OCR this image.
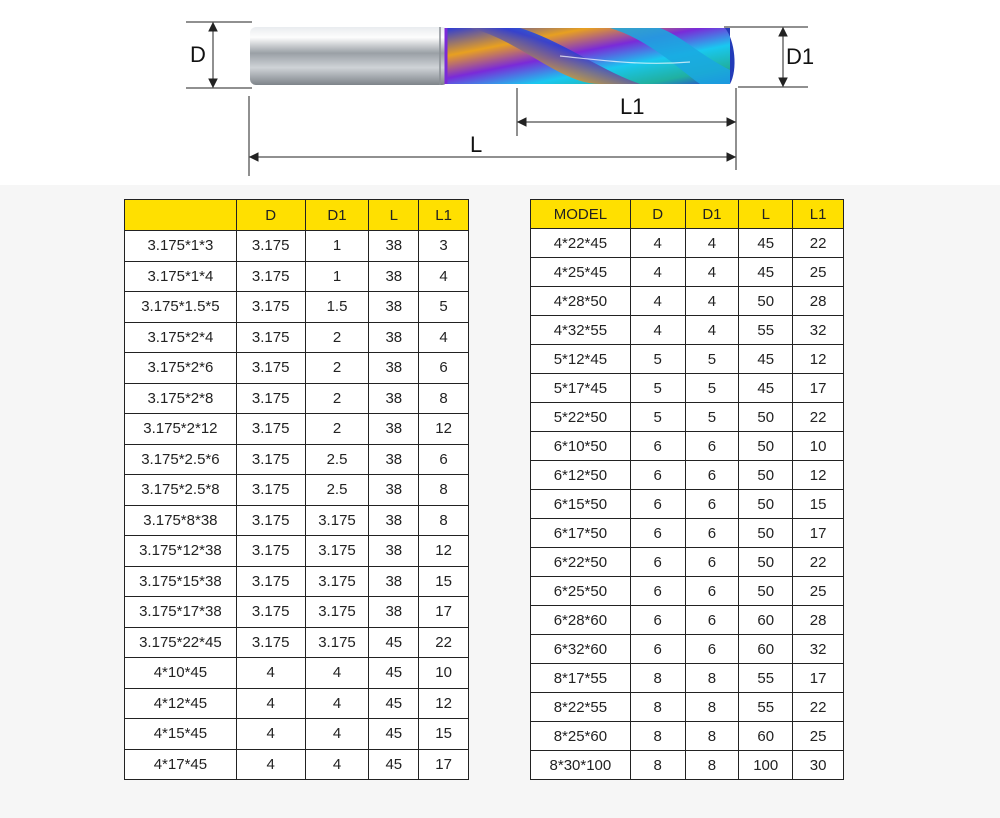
D	D1
L1
L
	D	D1	L	L1
3.175*1*3	3.175	1	38	3
3.175*1*4	3.175	1	38	4
3.175*1.5*5	3.175	1.5	38	5
3.175*2*4	3.175	2	38	4
3.175*2*6	3.175	2	38	6
3.175*2*8	3.175	2	38	8
3.175*2*12	3.175	2	38	12
3.175*2.5*6	3.175	2.5	38	6
3.175*2.5*8	3.175	2.5	38	8
3.175*8*38	3.175	3.175	38	8
3.175*12*38	3.175	3.175	38	12
3.175*15*38	3.175	3.175	38	15
3.175*17*38	3.175	3.175	38	17
3.175*22*45	3.175	3.175	45	22
4*10*45	4	4	45	10
4*12*45	4	4	45	12
4*15*45	4	4	45	15
4*17*45	4	4	45	17
MODEL	D	D1	L	L1
4*22*45	4	4	45	22
4*25*45	4	4	45	25
4*28*50	4	4	50	28
4*32*55	4	4	55	32
5*12*45	5	5	45	12
5*17*45	5	5	45	17
5*22*50	5	5	50	22
6*10*50	6	6	50	10
6*12*50	6	6	50	12
6*15*50	6	6	50	15
6*17*50	6	6	50	17
6*22*50	6	6	50	22
6*25*50	6	6	50	25
6*28*60	6	6	60	28
6*32*60	6	6	60	32
8*17*55	8	8	55	17
8*22*55	8	8	55	22
8*25*60	8	8	60	25
8*30*100	8	8	100	30
